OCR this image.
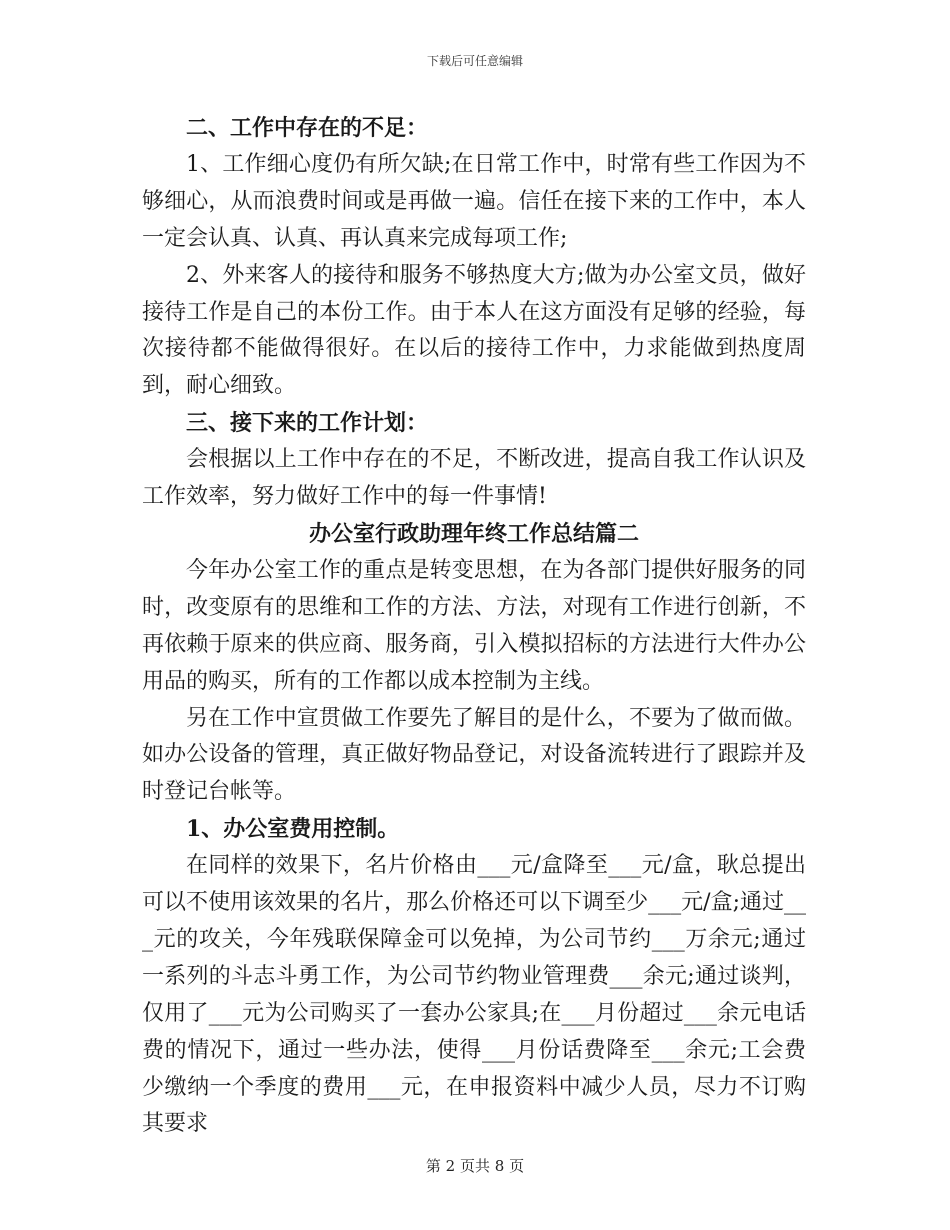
下载后可任意编辑

二、工作中存在的不足：

1、工作细心度仍有所欠缺;在日常工作中，时常有些工作因为不够细心，从而浪费时间或是再做一遍。信任在接下来的工作中，本人一定会认真、认真、再认真来完成每项工作;

2、外来客人的接待和服务不够热度大方;做为办公室文员，做好接待工作是自己的本份工作。由于本人在这方面没有足够的经验，每次接待都不能做得很好。在以后的接待工作中，力求能做到热度周到，耐心细致。

三、接下来的工作计划：

会根据以上工作中存在的不足，不断改进，提高自我工作认识及工作效率，努力做好工作中的每一件事情!

办公室行政助理年终工作总结篇二

今年办公室工作的重点是转变思想，在为各部门提供好服务的同时，改变原有的思维和工作的方法、方法，对现有工作进行创新，不再依赖于原来的供应商、服务商，引入模拟招标的方法进行大件办公用品的购买，所有的工作都以成本控制为主线。

另在工作中宣贯做工作要先了解目的是什么，不要为了做而做。如办公设备的管理，真正做好物品登记，对设备流转进行了跟踪并及时登记台帐等。

1、办公室费用控制。

在同样的效果下，名片价格由___元/盒降至___元/盒，耿总提出可以不使用该效果的名片，那么价格还可以下调至少___元/盒;通过___元的攻关，今年残联保障金可以免掉，为公司节约___万余元;通过一系列的斗志斗勇工作，为公司节约物业管理费___余元;通过谈判，仅用了___元为公司购买了一套办公家具;在___月份超过___余元电话费的情况下，通过一些办法，使得___月份话费降至___余元;工会费少缴纳一个季度的费用___元，在申报资料中减少人员，尽力不订购其要求

第 2 页共 8 页
